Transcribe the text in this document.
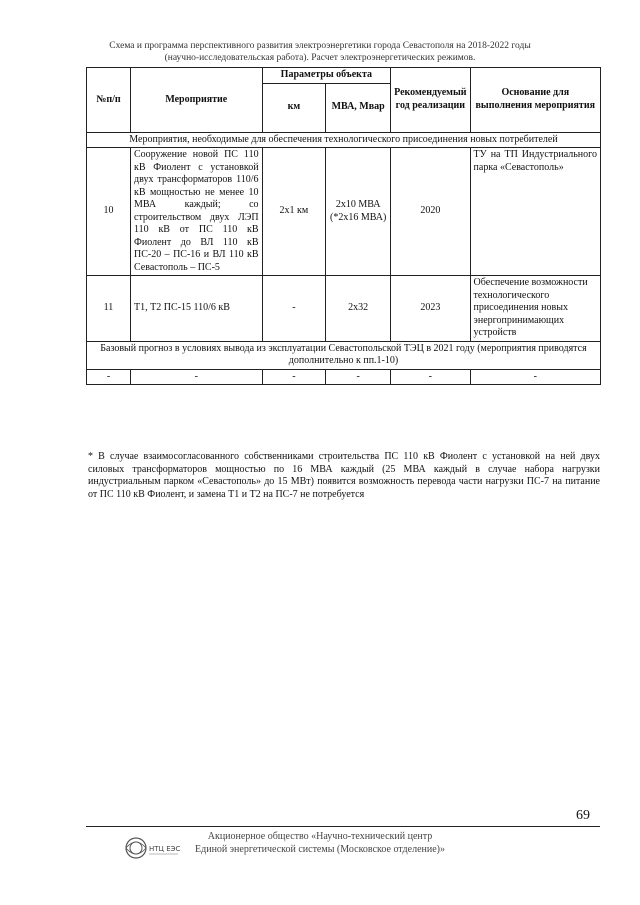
Схема и программа перспективного развития электроэнергетики города Севастополя на 2018-2022 годы
(научно-исследовательская работа). Расчет электроэнергетических режимов.
№п/п	Мероприятие	Параметры объекта		Рекомендуемый год реализации	Основание для выполнения мероприятия
		км	МВА, Мвар		
Мероприятия, необходимые для обеспечения технологического присоединения новых потребителей					
10	Сооружение новой ПС 110 кВ Фиолент с установкой двух трансформаторов 110/6 кВ мощностью не менее 10 МВА каждый; со строительством двух ЛЭП 110 кВ от ПС 110 кВ Фиолент до ВЛ 110 кВ ПС-20 – ПС-16 и ВЛ 110 кВ Севастополь – ПС-5	2х1 км	2х10 МВА (*2х16 МВА)	2020	ТУ на ТП Индустриального парка «Севастополь»
11	Т1, Т2 ПС-15 110/6 кВ	-	2х32	2023	Обеспечение возможности технологического присоединения новых энергопринимающих устройств
Базовый прогноз в условиях вывода из эксплуатации Севастопольской ТЭЦ в 2021 году (мероприятия приводятся дополнительно к пп.1-10)					
-	-	-	-	-	-
* В случае взаимосогласованного собственниками строительства ПС 110 кВ Фиолент с установкой на ней двух силовых трансформаторов мощностью по 16 МВА каждый (25 МВА каждый в случае набора нагрузки индустриальным парком «Севастополь» до 15 МВт) появится возможность перевода части нагрузки ПС-7 на питание от ПС 110 кВ Фиолент, и замена Т1 и Т2 на ПС-7 не потребуется
69
НТЦ ЕЭС
Акционерное общество «Научно-технический центр
Единой энергетической системы (Московское отделение)»
